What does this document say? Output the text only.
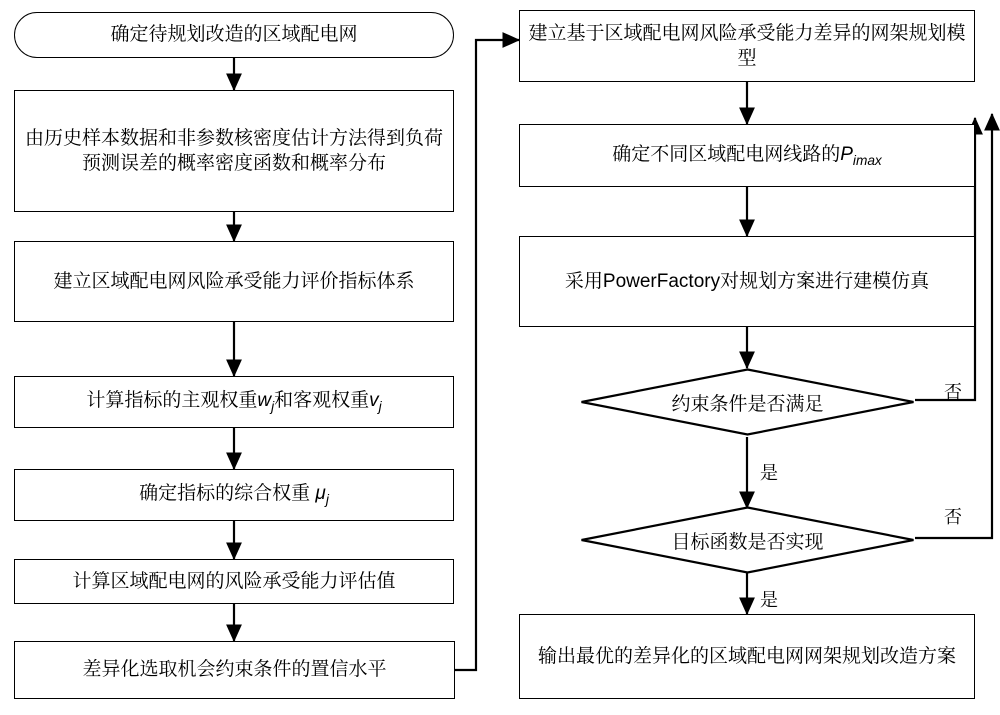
确定待规划改造的区域配电网
由历史样本数据和非参数核密度估计方法得到负荷预测误差的概率密度函数和概率分布
建立区域配电网风险承受能力评价指标体系
计算指标的主观权重$w_j$和客观权重$v_j$
确定指标的综合权重 $\mu_j$
计算区域配电网的风险承受能力评估值
差异化选取机会约束条件的置信水平
建立基于区域配电网风险承受能力差异的网架规划模型
确定不同区域配电网线路的$P_{imax}$
采用PowerFactory对规划方案进行建模仿真
约束条件是否满足
目标函数是否实现
输出最优的差异化的区域配电网网架规划改造方案
否
是
否
是
